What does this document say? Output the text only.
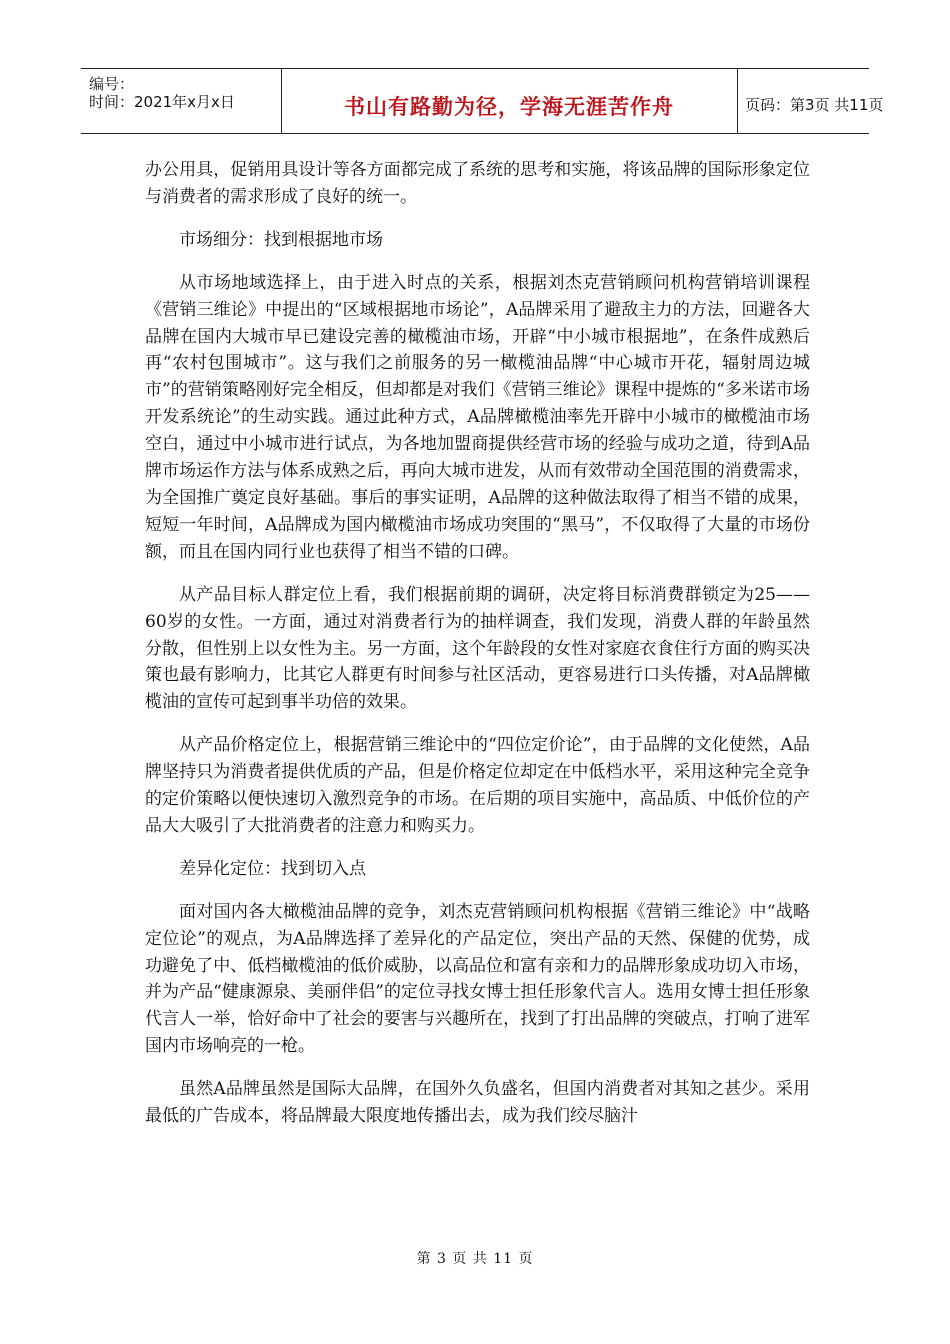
编号：
时间：2021年x月x日	书山有路勤为径，学海无涯苦作舟	页码：第3页 共11页

办公用具，促销用具设计等各方面都完成了系统的思考和实施，将该品牌的国际形象定位与消费者的需求形成了良好的统一。

市场细分：找到根据地市场

从市场地域选择上，由于进入时点的关系，根据刘杰克营销顾问机构营销培训课程《营销三维论》中提出的“区域根据地市场论”，A品牌采用了避敌主力的方法，回避各大品牌在国内大城市早已建设完善的橄榄油市场，开辟“中小城市根据地”，在条件成熟后再“农村包围城市”。这与我们之前服务的另一橄榄油品牌“中心城市开花，辐射周边城市”的营销策略刚好完全相反，但却都是对我们《营销三维论》课程中提炼的“多米诺市场开发系统论”的生动实践。通过此种方式，A品牌橄榄油率先开辟中小城市的橄榄油市场空白，通过中小城市进行试点，为各地加盟商提供经营市场的经验与成功之道，待到A品牌市场运作方法与体系成熟之后，再向大城市进发，从而有效带动全国范围的消费需求，为全国推广奠定良好基础。事后的事实证明，A品牌的这种做法取得了相当不错的成果，短短一年时间，A品牌成为国内橄榄油市场成功突围的“黑马”，不仅取得了大量的市场份额，而且在国内同行业也获得了相当不错的口碑。

从产品目标人群定位上看，我们根据前期的调研，决定将目标消费群锁定为25——60岁的女性。一方面，通过对消费者行为的抽样调查，我们发现，消费人群的年龄虽然分散，但性别上以女性为主。另一方面，这个年龄段的女性对家庭衣食住行方面的购买决策也最有影响力，比其它人群更有时间参与社区活动，更容易进行口头传播，对A品牌橄榄油的宣传可起到事半功倍的效果。

从产品价格定位上，根据营销三维论中的“四位定价论”，由于品牌的文化使然，A品牌坚持只为消费者提供优质的产品，但是价格定位却定在中低档水平，采用这种完全竞争的定价策略以便快速切入激烈竞争的市场。在后期的项目实施中，高品质、中低价位的产品大大吸引了大批消费者的注意力和购买力。

差异化定位：找到切入点

面对国内各大橄榄油品牌的竞争，刘杰克营销顾问机构根据《营销三维论》中“战略定位论”的观点，为A品牌选择了差异化的产品定位，突出产品的天然、保健的优势，成功避免了中、低档橄榄油的低价威胁，以高品位和富有亲和力的品牌形象成功切入市场，并为产品“健康源泉、美丽伴侣”的定位寻找女博士担任形象代言人。选用女博士担任形象代言人一举，恰好命中了社会的要害与兴趣所在，找到了打出品牌的突破点，打响了进军国内市场响亮的一枪。

虽然A品牌虽然是国际大品牌，在国外久负盛名，但国内消费者对其知之甚少。采用最低的广告成本，将品牌最大限度地传播出去，成为我们绞尽脑汁

第 3 页 共 11 页
